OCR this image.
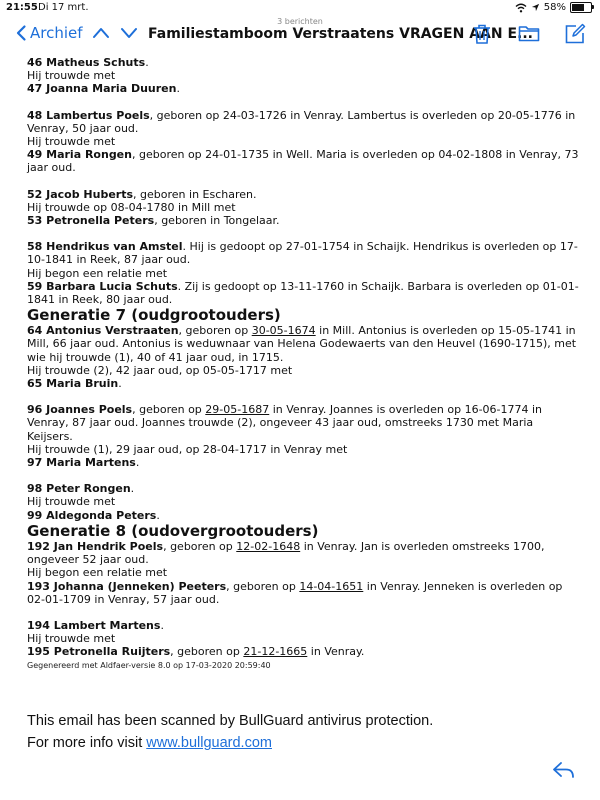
21:55 Di 17 mrt.	58%
3 berichten
Archief	Familiestamboom Verstraatens VRAGEN AAN E...

46 Matheus Schuts.

Hij trouwde met

47 Joanna Maria Duuren.

48 Lambertus Poels, geboren op 24-03-1726 in Venray. Lambertus is overleden op 20-05-1776 in Venray, 50 jaar oud.

Hij trouwde met

49 Maria Rongen, geboren op 24-01-1735 in Well. Maria is overleden op 04-02-1808 in Venray, 73 jaar oud.

52 Jacob Huberts, geboren in Escharen.

Hij trouwde op 08-04-1780 in Mill met

53 Petronella Peters, geboren in Tongelaar.

58 Hendrikus van Amstel. Hij is gedoopt op 27-01-1754 in Schaijk. Hendrikus is overleden op 17-10-1841 in Reek, 87 jaar oud.

Hij begon een relatie met

59 Barbara Lucia Schuts. Zij is gedoopt op 13-11-1760 in Schaijk. Barbara is overleden op 01-01-1841 in Reek, 80 jaar oud.

Generatie 7 (oudgrootouders)

64 Antonius Verstraaten, geboren op 30-05-1674 in Mill. Antonius is overleden op 15-05-1741 in Mill, 66 jaar oud. Antonius is weduwnaar van Helena Godewaerts van den Heuvel (1690-1715), met wie hij trouwde (1), 40 of 41 jaar oud, in 1715.

Hij trouwde (2), 42 jaar oud, op 05-05-1717 met

65 Maria Bruin.

96 Joannes Poels, geboren op 29-05-1687 in Venray. Joannes is overleden op 16-06-1774 in Venray, 87 jaar oud. Joannes trouwde (2), ongeveer 43 jaar oud, omstreeks 1730 met Maria Keijsers.

Hij trouwde (1), 29 jaar oud, op 28-04-1717 in Venray met

97 Maria Martens.

98 Peter Rongen.

Hij trouwde met

99 Aldegonda Peters.

Generatie 8 (oudovergrootouders)

192 Jan Hendrik Poels, geboren op 12-02-1648 in Venray. Jan is overleden omstreeks 1700, ongeveer 52 jaar oud.

Hij begon een relatie met

193 Johanna (Jenneken) Peeters, geboren op 14-04-1651 in Venray. Jenneken is overleden op 02-01-1709 in Venray, 57 jaar oud.

194 Lambert Martens.

Hij trouwde met

195 Petronella Ruijters, geboren op 21-12-1665 in Venray.

Gegenereerd met Aldfaer-versie 8.0 op 17-03-2020 20:59:40

This email has been scanned by BullGuard antivirus protection.
For more info visit www.bullguard.com
